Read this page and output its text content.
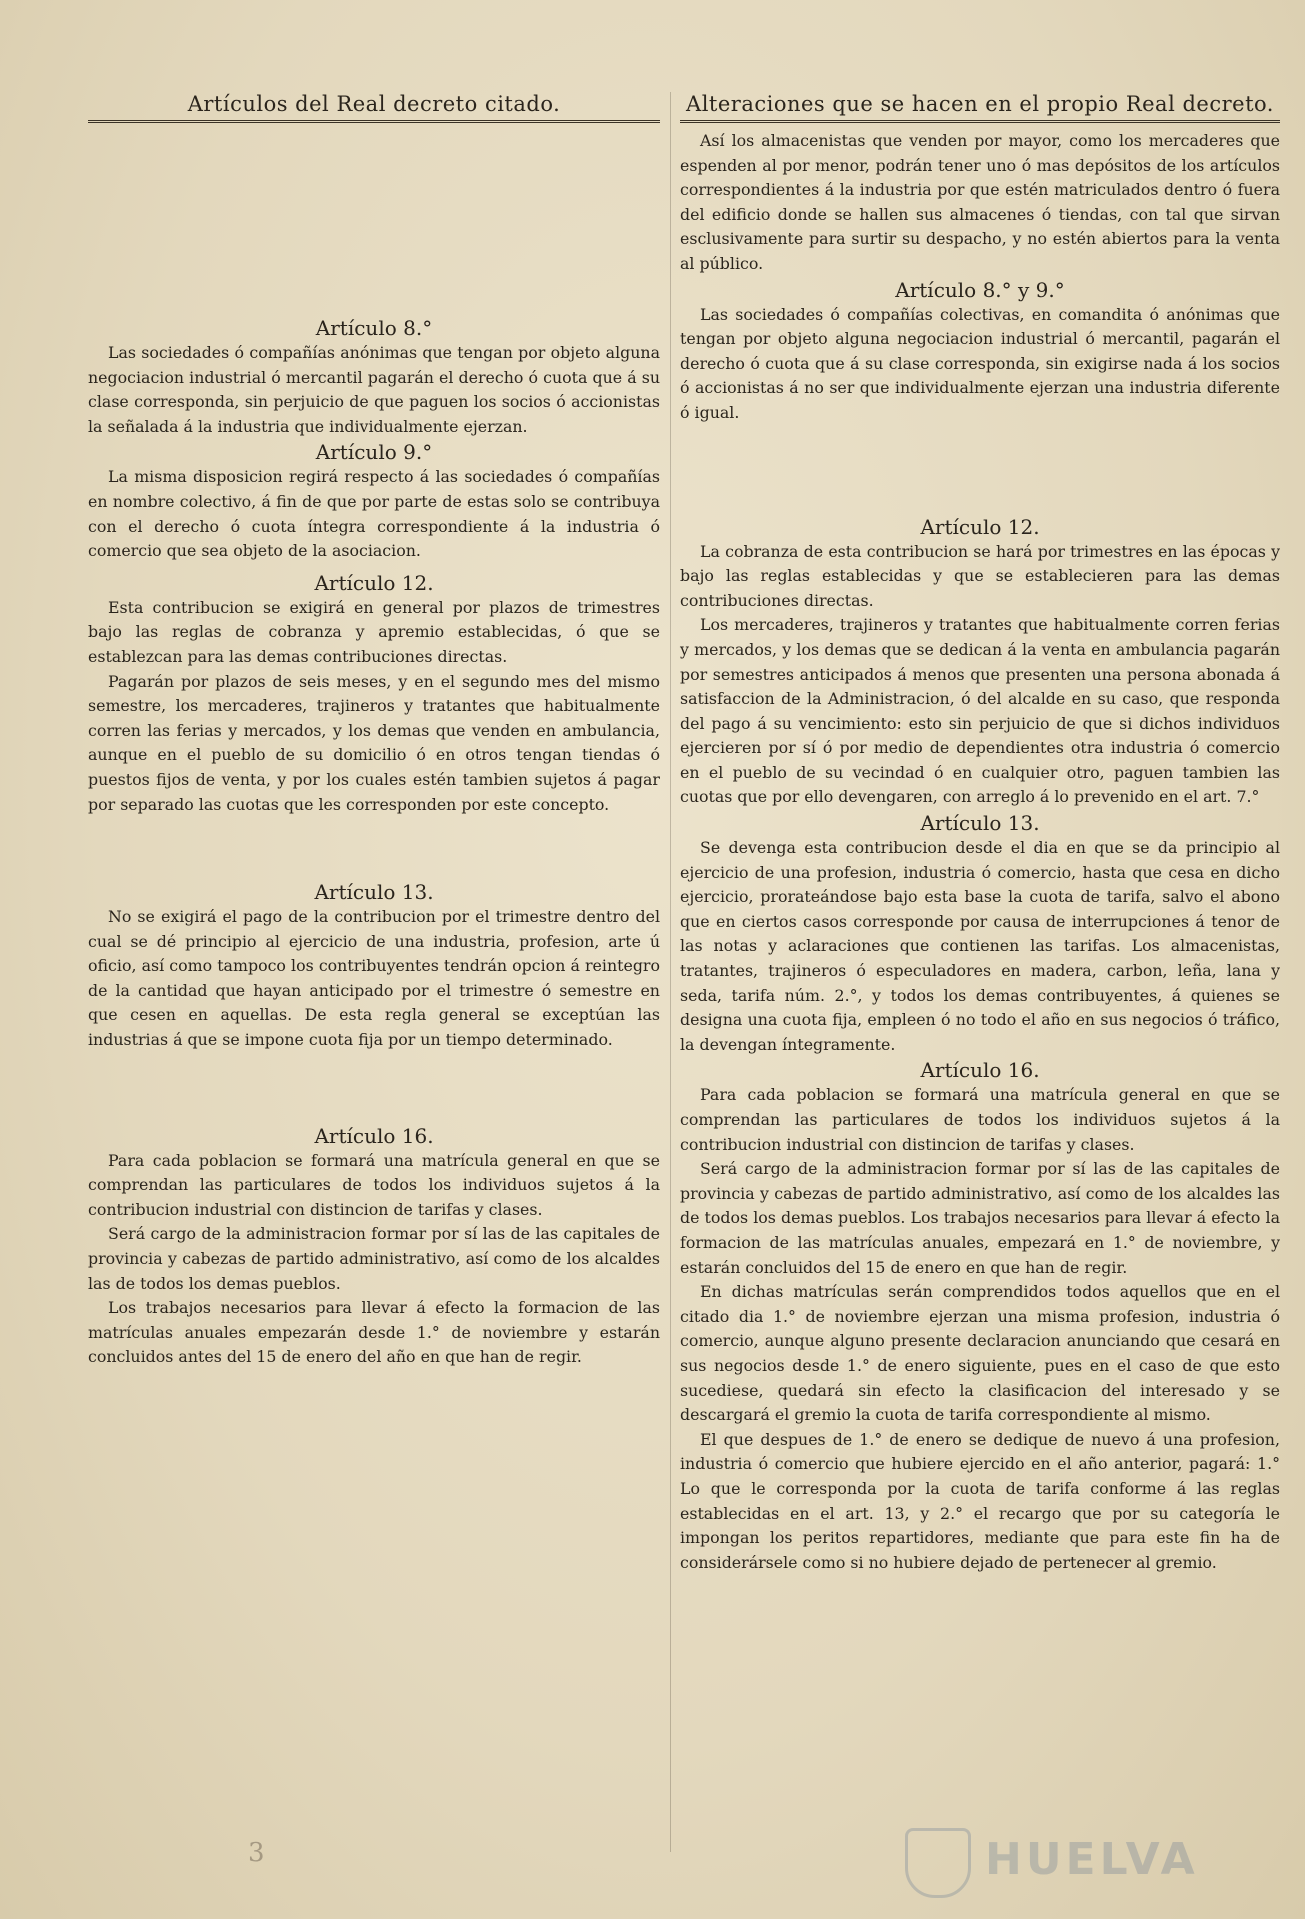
Artículos del Real decreto citado.
Artículo 8.°

Las sociedades ó compañías anónimas que tengan por objeto alguna negociacion industrial ó mercantil pagarán el derecho ó cuota que á su clase corresponda, sin perjuicio de que paguen los socios ó accionistas la señalada á la industria que individualmente ejerzan.

Artículo 9.°

La misma disposicion regirá respecto á las sociedades ó compañías en nombre colectivo, á fin de que por parte de estas solo se contribuya con el derecho ó cuota íntegra correspondiente á la industria ó comercio que sea objeto de la asociacion.

Artículo 12.

Esta contribucion se exigirá en general por plazos de trimestres bajo las reglas de cobranza y apremio establecidas, ó que se establezcan para las demas contribuciones directas.

Pagarán por plazos de seis meses, y en el segundo mes del mismo semestre, los mercaderes, trajineros y tratantes que habitualmente corren las ferias y mercados, y los demas que venden en ambulancia, aunque en el pueblo de su domicilio ó en otros tengan tiendas ó puestos fijos de venta, y por los cuales estén tambien sujetos á pagar por separado las cuotas que les corresponden por este concepto.

Artículo 13.

No se exigirá el pago de la contribucion por el trimestre dentro del cual se dé principio al ejercicio de una industria, profesion, arte ú oficio, así como tampoco los contribuyentes tendrán opcion á reintegro de la cantidad que hayan anticipado por el trimestre ó semestre en que cesen en aquellas. De esta regla general se exceptúan las industrias á que se impone cuota fija por un tiempo determinado.

Artículo 16.

Para cada poblacion se formará una matrícula general en que se comprendan las particulares de todos los individuos sujetos á la contribucion industrial con distincion de tarifas y clases.

Será cargo de la administracion formar por sí las de las capitales de provincia y cabezas de partido administrativo, así como de los alcaldes las de todos los demas pueblos.

Los trabajos necesarios para llevar á efecto la formacion de las matrículas anuales empezarán desde 1.° de noviembre y estarán concluidos antes del 15 de enero del año en que han de regir.

Alteraciones que se hacen en el propio Real decreto.

Así los almacenistas que venden por mayor, como los mercaderes que espenden al por menor, podrán tener uno ó mas depósitos de los artículos correspondientes á la industria por que estén matriculados dentro ó fuera del edificio donde se hallen sus almacenes ó tiendas, con tal que sirvan esclusivamente para surtir su despacho, y no estén abiertos para la venta al público.

Artículo 8.° y 9.°

Las sociedades ó compañías colectivas, en comandita ó anónimas que tengan por objeto alguna negociacion industrial ó mercantil, pagarán el derecho ó cuota que á su clase corresponda, sin exigirse nada á los socios ó accionistas á no ser que individualmente ejerzan una industria diferente ó igual.

Artículo 12.

La cobranza de esta contribucion se hará por trimestres en las épocas y bajo las reglas establecidas y que se establecieren para las demas contribuciones directas.

Los mercaderes, trajineros y tratantes que habitualmente corren ferias y mercados, y los demas que se dedican á la venta en ambulancia pagarán por semestres anticipados á menos que presenten una persona abonada á satisfaccion de la Administracion, ó del alcalde en su caso, que responda del pago á su vencimiento: esto sin perjuicio de que si dichos individuos ejercieren por sí ó por medio de dependientes otra industria ó comercio en el pueblo de su vecindad ó en cualquier otro, paguen tambien las cuotas que por ello devengaren, con arreglo á lo prevenido en el art. 7.°

Artículo 13.

Se devenga esta contribucion desde el dia en que se da principio al ejercicio de una profesion, industria ó comercio, hasta que cesa en dicho ejercicio, prorateándose bajo esta base la cuota de tarifa, salvo el abono que en ciertos casos corresponde por causa de interrupciones á tenor de las notas y aclaraciones que contienen las tarifas. Los almacenistas, tratantes, trajineros ó especuladores en madera, carbon, leña, lana y seda, tarifa núm. 2.°, y todos los demas contribuyentes, á quienes se designa una cuota fija, empleen ó no todo el año en sus negocios ó tráfico, la devengan íntegramente.

Artículo 16.

Para cada poblacion se formará una matrícula general en que se comprendan las particulares de todos los individuos sujetos á la contribucion industrial con distincion de tarifas y clases.

Será cargo de la administracion formar por sí las de las capitales de provincia y cabezas de partido administrativo, así como de los alcaldes las de todos los demas pueblos. Los trabajos necesarios para llevar á efecto la formacion de las matrículas anuales, empezará en 1.° de noviembre, y estarán concluidos del 15 de enero en que han de regir.

En dichas matrículas serán comprendidos todos aquellos que en el citado dia 1.° de noviembre ejerzan una misma profesion, industria ó comercio, aunque alguno presente declaracion anunciando que cesará en sus negocios desde 1.° de enero siguiente, pues en el caso de que esto sucediese, quedará sin efecto la clasificacion del interesado y se descargará el gremio la cuota de tarifa correspondiente al mismo.

El que despues de 1.° de enero se dedique de nuevo á una profesion, industria ó comercio que hubiere ejercido en el año anterior, pagará: 1.° Lo que le corresponda por la cuota de tarifa conforme á las reglas establecidas en el art. 13, y 2.° el recargo que por su categoría le impongan los peritos repartidores, mediante que para este fin ha de considerársele como si no hubiere dejado de pertenecer al gremio.

3	HUELVA
